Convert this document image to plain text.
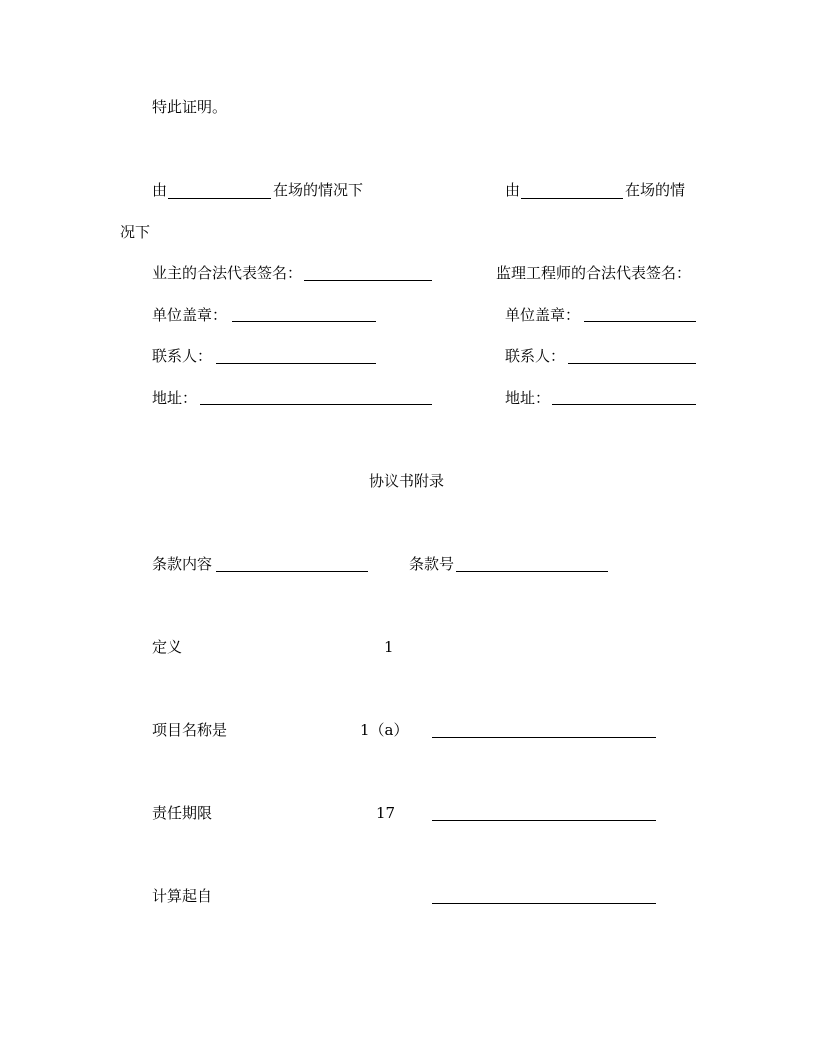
特此证明。
由	在场的情况下	由	在场的情
况下
业主的合法代表签名：	监理工程师的合法代表签名：
单位盖章：	单位盖章：
联系人：	联系人：
地址：	地址：
协议书附录
条款内容	条款号
定义	1
项目名称是	1（a）
责任期限	17
计算起自
